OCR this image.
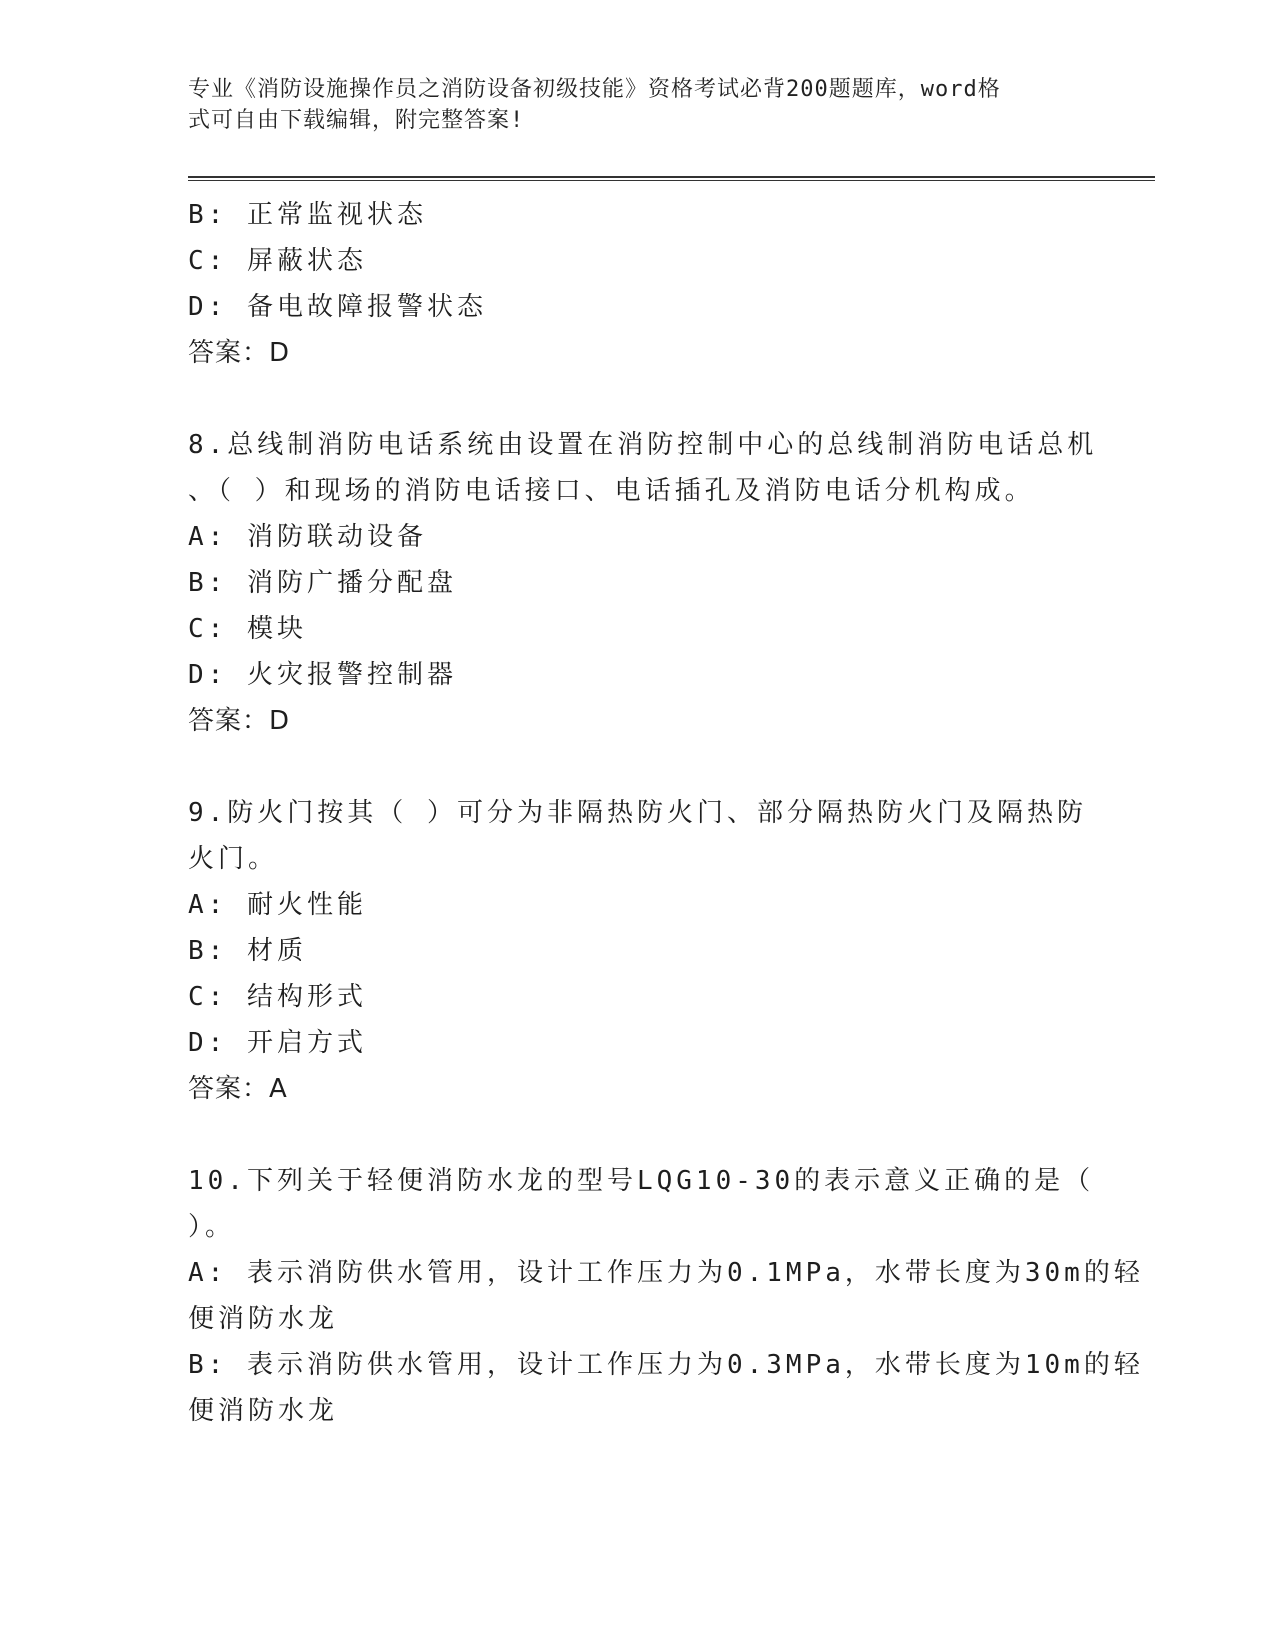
专业《消防设施操作员之消防设备初级技能》资格考试必背200题题库，word格
式可自由下载编辑，附完整答案!
B: 正常监视状态
C: 屏蔽状态
D: 备电故障报警状态
答案：D
8.总线制消防电话系统由设置在消防控制中心的总线制消防电话总机
、（ ）和现场的消防电话接口、电话插孔及消防电话分机构成。
A: 消防联动设备
B: 消防广播分配盘
C: 模块
D: 火灾报警控制器
答案：D
9.防火门按其（ ）可分为非隔热防火门、部分隔热防火门及隔热防
火门。
A: 耐火性能
B: 材质
C: 结构形式
D: 开启方式
答案：A
10.下列关于轻便消防水龙的型号LQG10-30的表示意义正确的是（
）。
A: 表示消防供水管用，设计工作压力为0.1MPa，水带长度为30m的轻
便消防水龙
B: 表示消防供水管用，设计工作压力为0.3MPa，水带长度为10m的轻
便消防水龙
